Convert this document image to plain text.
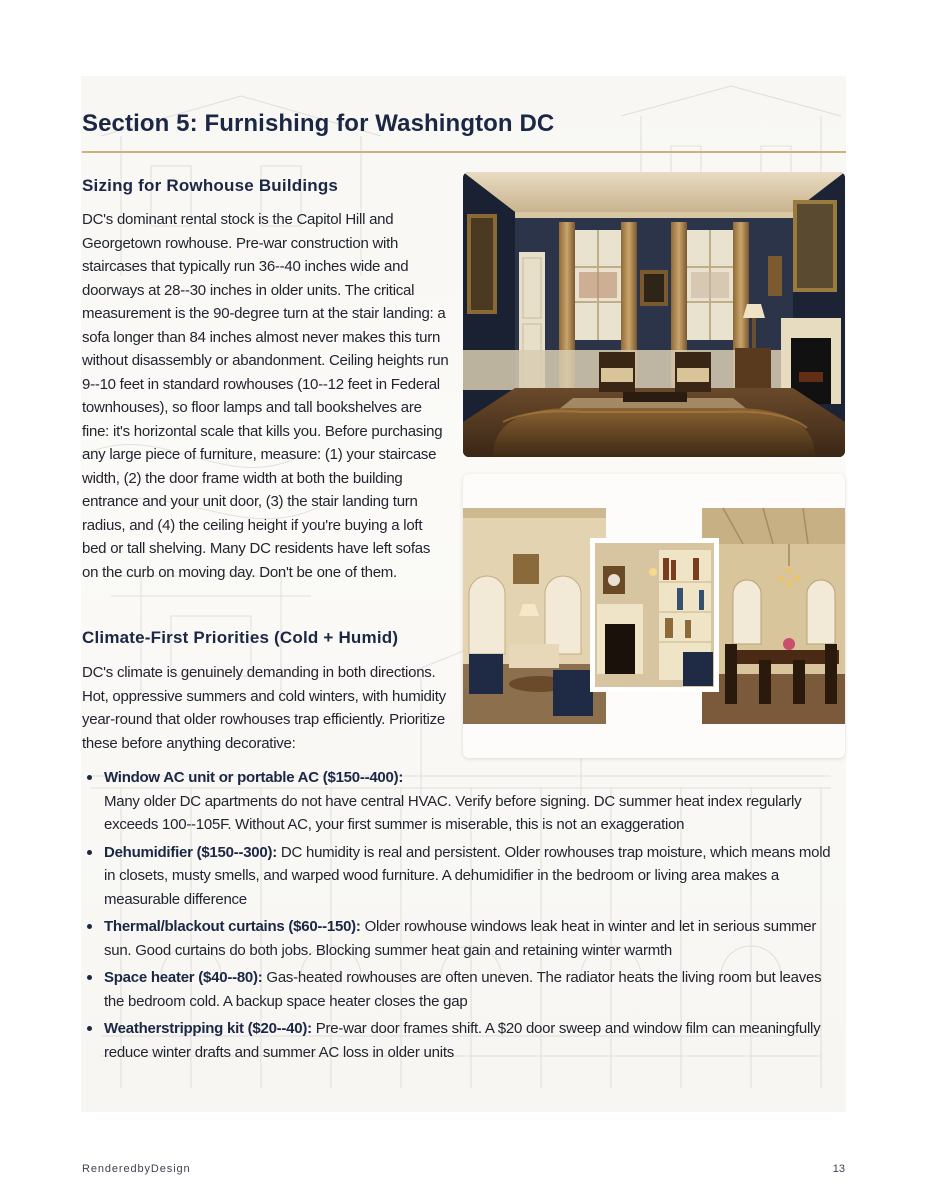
Section 5: Furnishing for Washington DC
Sizing for Rowhouse Buildings

DC's dominant rental stock is the Capitol Hill and Georgetown rowhouse. Pre-war construction with staircases that typically run 36--40 inches wide and doorways at 28--30 inches in older units. The critical measurement is the 90-degree turn at the stair landing: a sofa longer than 84 inches almost never makes this turn without disassembly or abandonment. Ceiling heights run 9--10 feet in standard rowhouses (10--12 feet in Federal townhouses), so floor lamps and tall bookshelves are fine: it's horizontal scale that kills you. Before purchasing any large piece of furniture, measure: (1) your staircase width, (2) the door frame width at both the building entrance and your unit door, (3) the stair landing turn radius, and (4) the ceiling height if you're buying a loft bed or tall shelving. Many DC residents have left sofas on the curb on moving day. Don't be one of them.

Climate-First Priorities (Cold + Humid)

DC's climate is genuinely demanding in both directions. Hot, oppressive summers and cold winters, with humidity year-round that older rowhouses trap efficiently. Prioritize these before anything decorative:

Window AC unit or portable AC ($150--400):
Many older DC apartments do not have central HVAC. Verify before signing. DC summer heat index regularly exceeds 100--105F. Without AC, your first summer is miserable, this is not an exaggeration
Dehumidifier ($150--300): DC humidity is real and persistent. Older rowhouses trap moisture, which means mold in closets, musty smells, and warped wood furniture. A dehumidifier in the bedroom or living area makes a measurable difference
Thermal/blackout curtains ($60--150): Older rowhouse windows leak heat in winter and let in serious summer sun. Good curtains do both jobs. Blocking summer heat gain and retaining winter warmth
Space heater ($40--80): Gas-heated rowhouses are often uneven. The radiator heats the living room but leaves the bedroom cold. A backup space heater closes the gap
Weatherstripping kit ($20--40): Pre-war door frames shift. A $20 door sweep and window film can meaningfully reduce winter drafts and summer AC loss in older units
RenderedbyDesign	13
